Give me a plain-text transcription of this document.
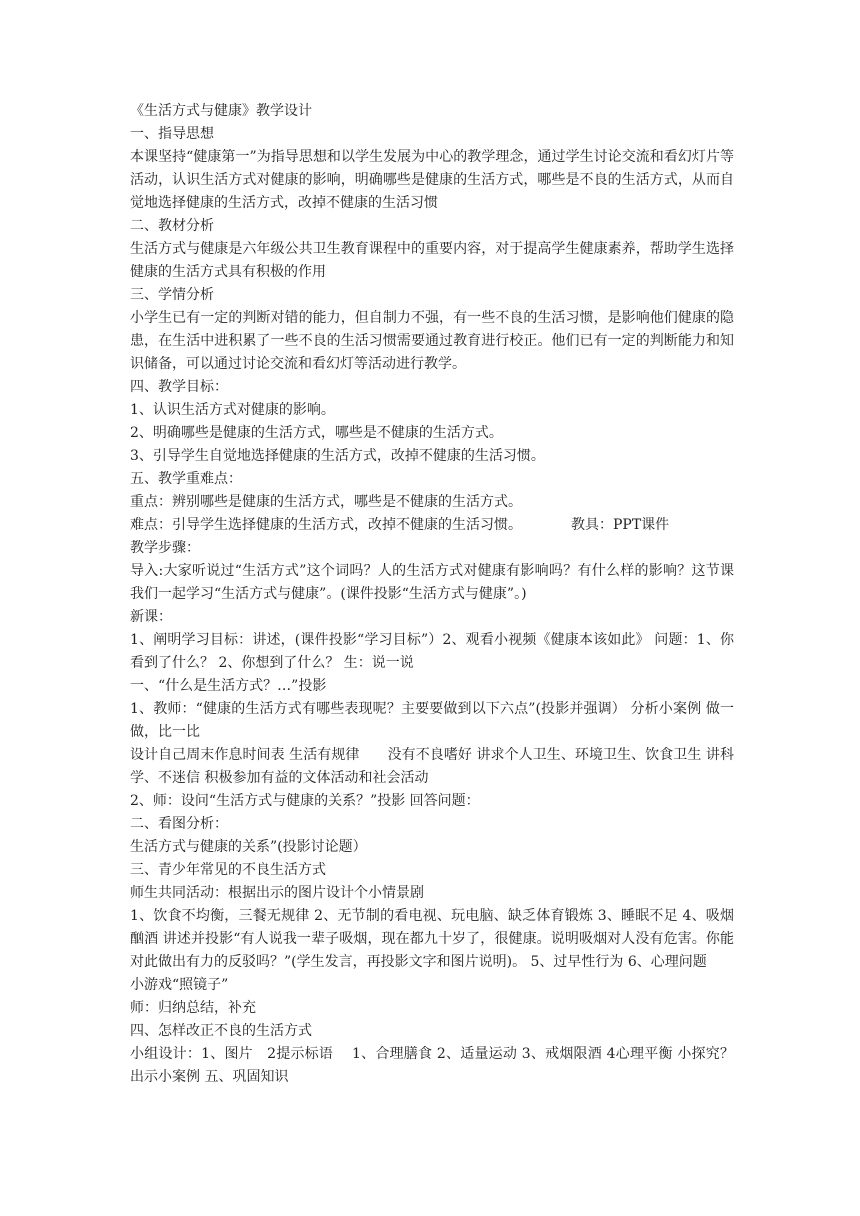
《生活方式与健康》教学设计
一、指导思想
本课坚持“健康第一”为指导思想和以学生发展为中心的教学理念，通过学生讨论交流和看幻灯片等活动，认识生活方式对健康的影响，明确哪些是健康的生活方式，哪些是不良的生活方式，从而自觉地选择健康的生活方式，改掉不健康的生活习惯
二、教材分析
生活方式与健康是六年级公共卫生教育课程中的重要内容，对于提高学生健康素养，帮助学生选择健康的生活方式具有积极的作用
三、学情分析
小学生已有一定的判断对错的能力，但自制力不强，有一些不良的生活习惯，是影响他们健康的隐患，在生活中进积累了一些不良的生活习惯需要通过教育进行校正。他们已有一定的判断能力和知识储备，可以通过讨论交流和看幻灯等活动进行教学。
四、教学目标：
1、认识生活方式对健康的影响。
2、明确哪些是健康的生活方式，哪些是不健康的生活方式。
3、引导学生自觉地选择健康的生活方式，改掉不健康的生活习惯。
五、教学重难点：
重点：辨别哪些是健康的生活方式，哪些是不健康的生活方式。
难点：引导学生选择健康的生活方式，改掉不健康的生活习惯。　　　　教具：PPT课件
教学步骤：
导入:大家听说过“生活方式”这个词吗？人的生活方式对健康有影响吗？有什么样的影响？这节课我们一起学习“生活方式与健康”。(课件投影“生活方式与健康”。)
新课：
1、阐明学习目标：讲述，(课件投影“学习目标”）2、观看小视频《健康本该如此》 问题：1、你看到了什么？ 2、你想到了什么？ 生：说一说
一、“什么是生活方式？…”投影
1、教师：“健康的生活方式有哪些表现呢？主要要做到以下六点”(投影并强调） 分析小案例 做一做，比一比
设计自己周末作息时间表 生活有规律　　没有不良嗜好 讲求个人卫生、环境卫生、饮食卫生 讲科学、不迷信 积极参加有益的文体活动和社会活动
2、师：设问“生活方式与健康的关系？”投影 回答问题：
二、看图分析：
生活方式与健康的关系”(投影讨论题）
三、青少年常见的不良生活方式
师生共同活动：根据出示的图片设计个小情景剧
1、饮食不均衡，三餐无规律 2、无节制的看电视、玩电脑、缺乏体育锻炼 3、睡眠不足 4、吸烟酗酒 讲述并投影“有人说我一辈子吸烟，现在都九十岁了，很健康。说明吸烟对人没有危害。你能对此做出有力的反驳吗？”(学生发言，再投影文字和图片说明)。 5、过早性行为 6、心理问题
小游戏“照镜子”
师：归纳总结，补充
四、怎样改正不良的生活方式
小组设计：1、图片　2提示标语　 1、合理膳食 2、适量运动 3、戒烟限酒 4心理平衡 小探究？出示小案例 五、巩固知识
